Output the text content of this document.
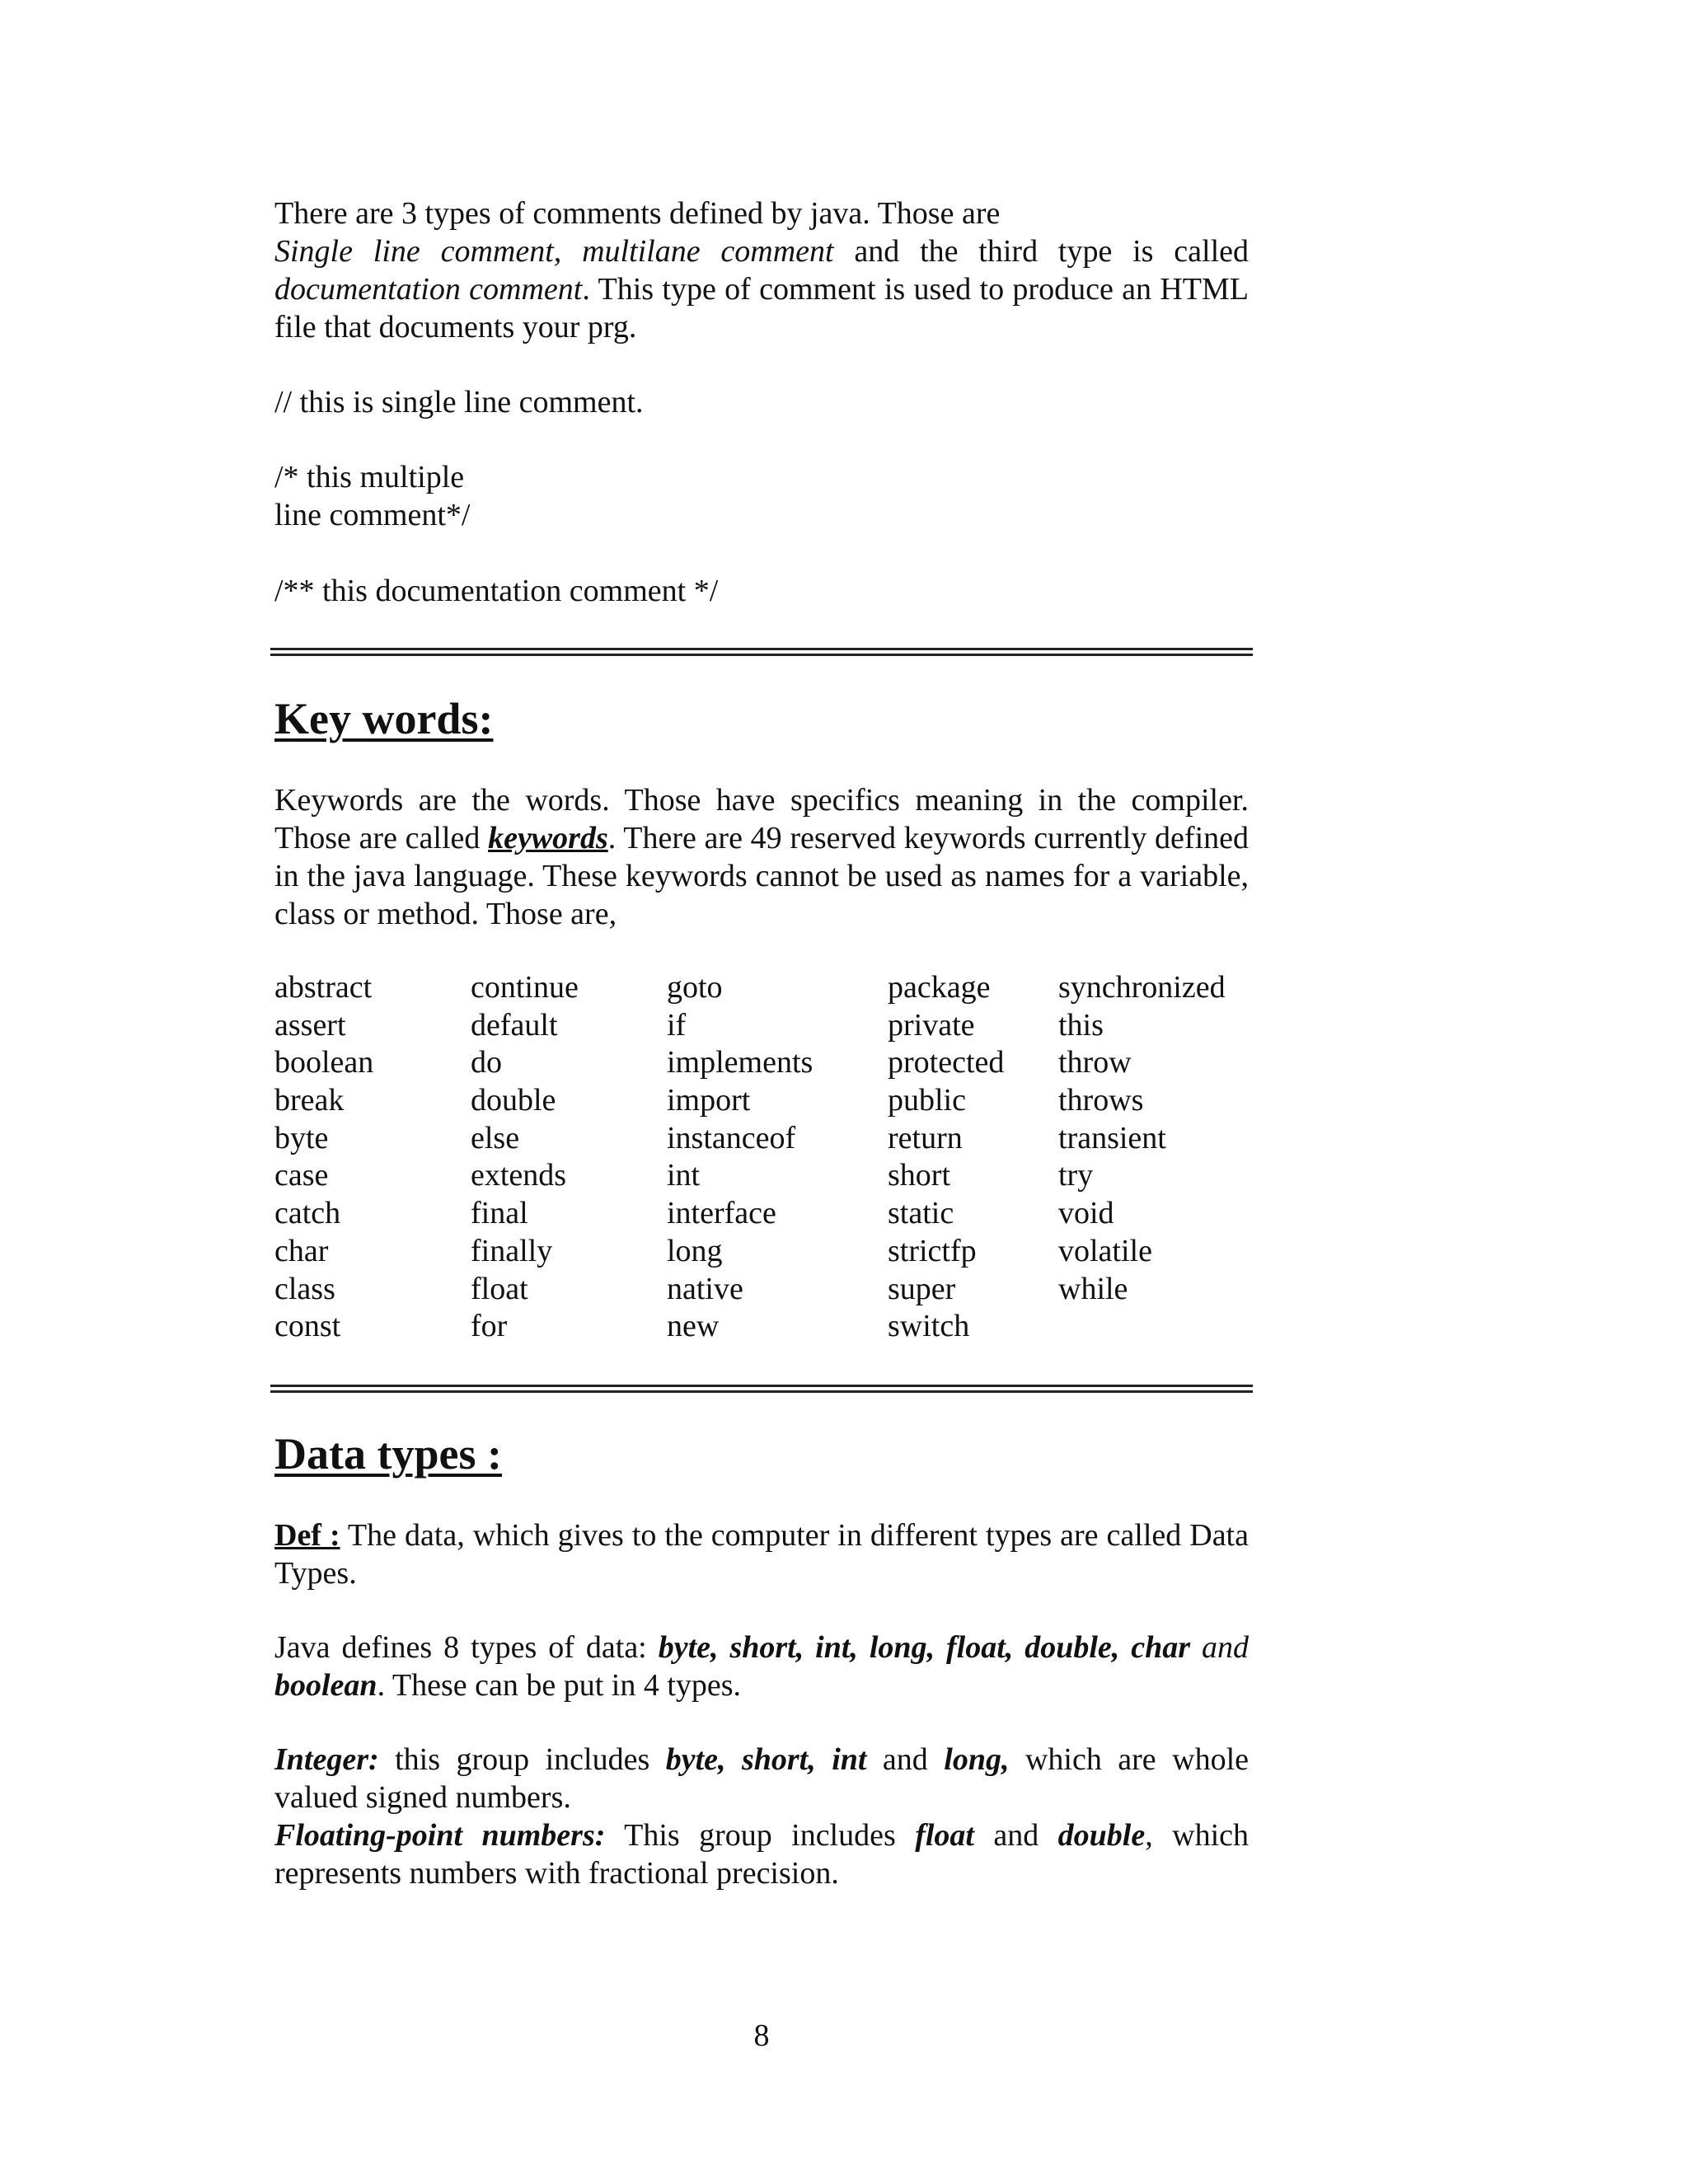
There are 3 types of comments defined by java. Those are

Single line comment, multilane comment and the third type is called documentation comment. This type of comment is used to produce an HTML file that documents your prg.

// this is single line comment.

/* this multiple

line comment*/

/** this documentation comment */

Key words:

Keywords are the words. Those have specifics meaning in the compiler. Those are called keywords. There are 49 reserved keywords currently defined in the java language. These keywords cannot be used as names for a variable, class or method. Those are,

abstract
assert
boolean
break
byte
case
catch
char
class
const
continue
default
do
double
else
extends
final
finally
float
for
goto
if
implements
import
instanceof
int
interface
long
native
new
package
private
protected
public
return
short
static
strictfp
super
switch
synchronized
this
throw
throws
transient
try
void
volatile
while
Data types :

Def : The data, which gives to the computer in different types are called Data Types.

Java defines 8 types of data: byte, short, int, long, float, double, char and boolean. These can be put in 4 types.

Integer: this group includes byte, short, int and long, which are whole valued signed numbers.

Floating-point numbers: This group includes float and double, which represents numbers with fractional precision.

8
